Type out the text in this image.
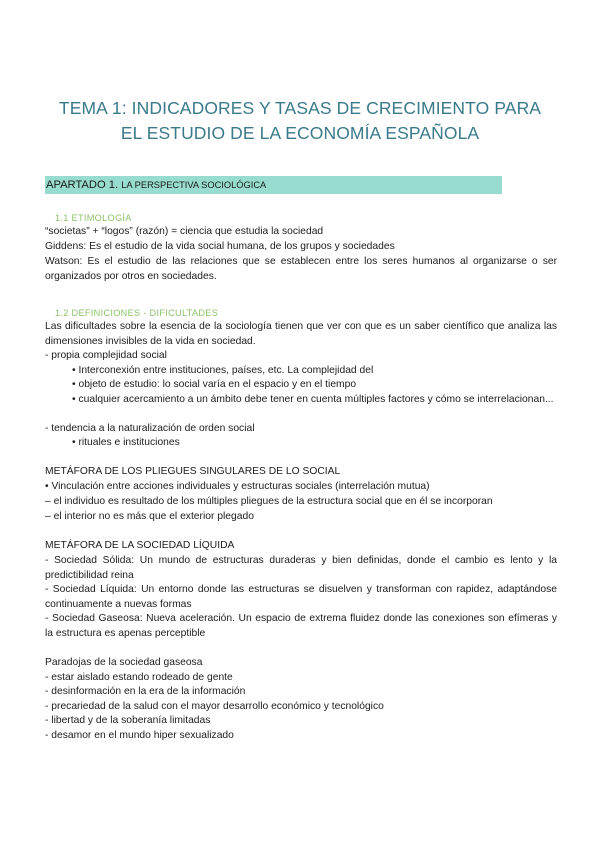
TEMA 1: INDICADORES Y TASAS DE CRECIMIENTO PARA
EL ESTUDIO DE LA ECONOMÍA ESPAÑOLA
APARTADO 1. LA PERSPECTIVA SOCIOLÓGICA
1.1 ETIMOLOGÍA
“societas” + “logos” (razón) = ciencia que estudia la sociedad
Giddens: Es el estudio de la vida social humana, de los grupos y sociedades
Watson: Es el estudio de las relaciones que se establecen entre los seres humanos al organizarse o ser organizados por otros en sociedades.
1.2 DEFINICIONES - DIFICULTADES
Las dificultades sobre la esencia de la sociología tienen que ver con que es un saber científico que analiza las dimensiones invisibles de la vida en sociedad.
- propia complejidad social
• Interconexión entre instituciones, países, etc. La complejidad del
• objeto de estudio: lo social varía en el espacio y en el tiempo
• cualquier acercamiento a un ámbito debe tener en cuenta múltiples factores y cómo se interrelacionan...
- tendencia a la naturalización de orden social
• rituales e instituciones
METÁFORA DE LOS PLIEGUES SINGULARES DE LO SOCIAL
• Vinculación entre acciones individuales y estructuras sociales (interrelación mutua)
– el individuo es resultado de los múltiples pliegues de la estructura social que en él se incorporan
– el interior no es más que el exterior plegado
METÁFORA DE LA SOCIEDAD LÍQUIDA
- Sociedad Sólida: Un mundo de estructuras duraderas y bien definidas, donde el cambio es lento y la predictibilidad reina
- Sociedad Líquida: Un entorno donde las estructuras se disuelven y transforman con rapidez, adaptándose continuamente a nuevas formas
- Sociedad Gaseosa: Nueva aceleración. Un espacio de extrema fluidez donde las conexiones son efímeras y la estructura es apenas perceptible
Paradojas de la sociedad gaseosa
- estar aislado estando rodeado de gente
- desinformación en la era de la información
- precariedad de la salud con el mayor desarrollo económico y tecnológico
- libertad y de la soberanía limitadas
- desamor en el mundo hiper sexualizado
